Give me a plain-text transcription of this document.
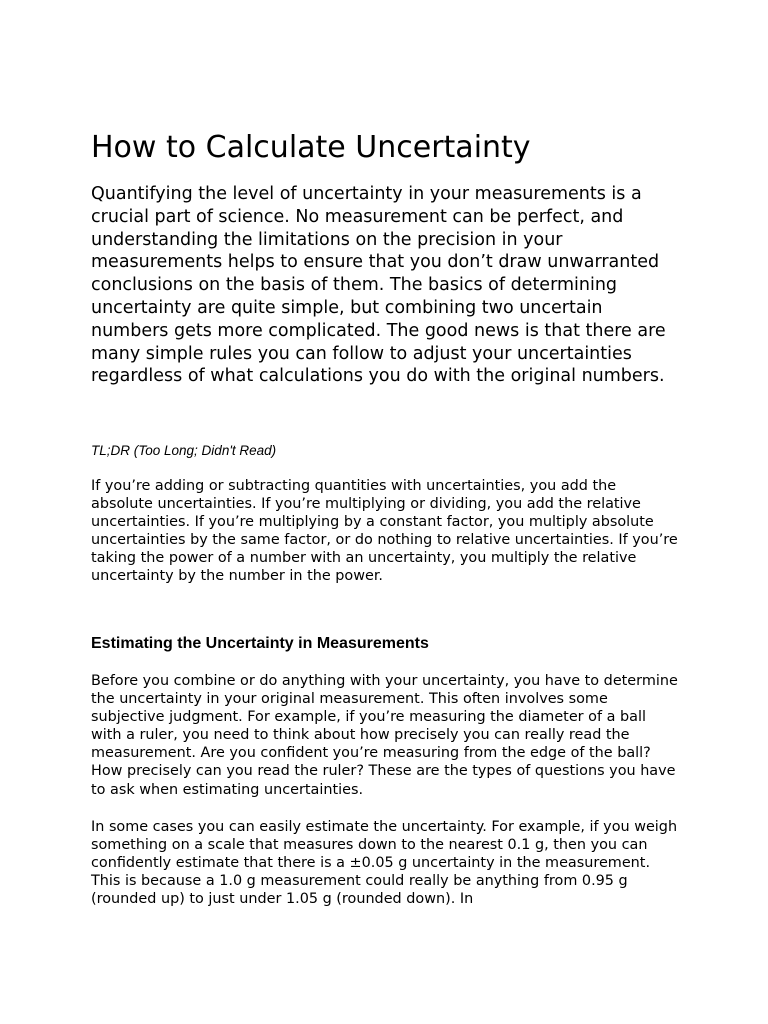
How to Calculate Uncertainty

Quantifying the level of uncertainty in your measurements is a crucial part of science. No measurement can be perfect, and understanding the limitations on the precision in your measurements helps to ensure that you don’t draw unwarranted conclusions on the basis of them. The basics of determining uncertainty are quite simple, but combining two uncertain numbers gets more complicated. The good news is that there are many simple rules you can follow to adjust your uncertainties regardless of what calculations you do with the original numbers.

TL;DR (Too Long; Didn't Read)

If you’re adding or subtracting quantities with uncertainties, you add the absolute uncertainties. If you’re multiplying or dividing, you add the relative uncertainties. If you’re multiplying by a constant factor, you multiply absolute uncertainties by the same factor, or do nothing to relative uncertainties. If you’re taking the power of a number with an uncertainty, you multiply the relative uncertainty by the number in the power.

Estimating the Uncertainty in Measurements

Before you combine or do anything with your uncertainty, you have to determine the uncertainty in your original measurement. This often involves some subjective judgment. For example, if you’re measuring the diameter of a ball with a ruler, you need to think about how precisely you can really read the measurement. Are you confident you’re measuring from the edge of the ball? How precisely can you read the ruler? These are the types of questions you have to ask when estimating uncertainties.

In some cases you can easily estimate the uncertainty. For example, if you weigh something on a scale that measures down to the nearest 0.1 g, then you can confidently estimate that there is a ±0.05 g uncertainty in the measurement. This is because a 1.0 g measurement could really be anything from 0.95 g (rounded up) to just under 1.05 g (rounded down). In
